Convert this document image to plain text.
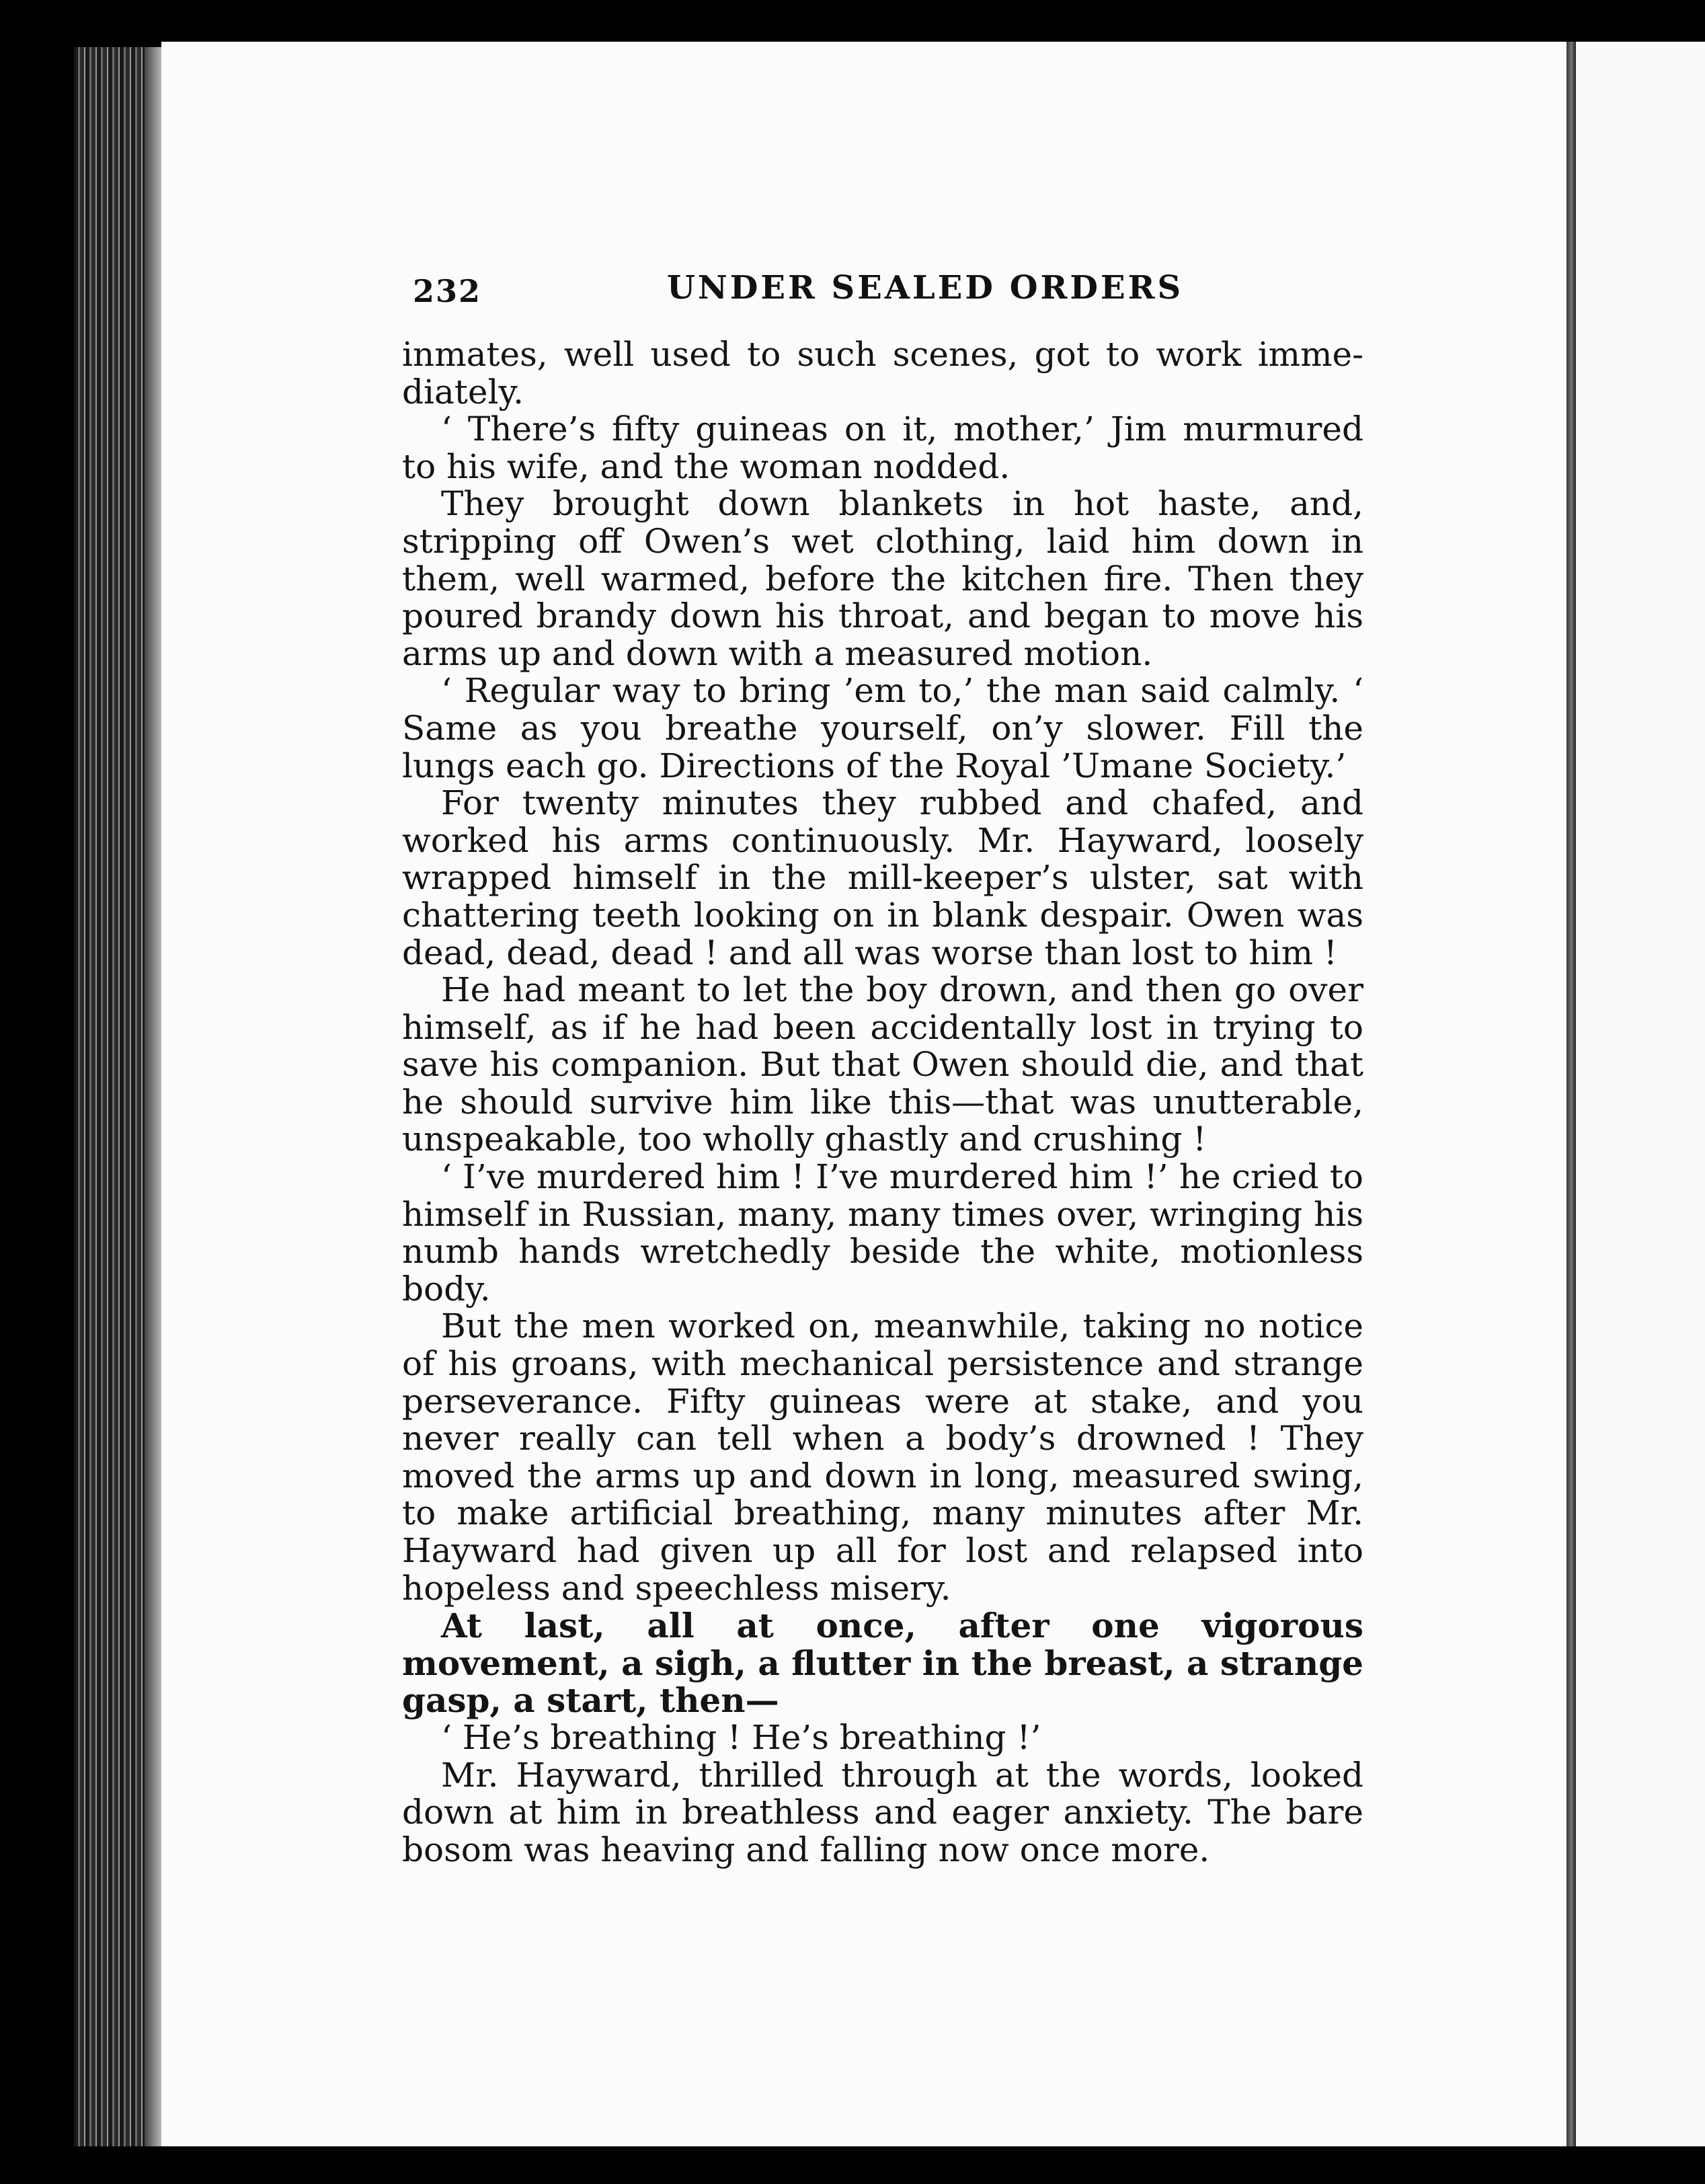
232	UNDER SEALED ORDERS

inmates, well used to such scenes, got to work imme-diately.

‘ There’s fifty guineas on it, mother,’ Jim murmured to his wife, and the woman nodded.

They brought down blankets in hot haste, and, stripping off Owen’s wet clothing, laid him down in them, well warmed, before the kitchen fire. Then they poured brandy down his throat, and began to move his arms up and down with a measured motion.

‘ Regular way to bring ’em to,’ the man said calmly. ‘ Same as you breathe yourself, on’y slower. Fill the lungs each go. Directions of the Royal ’Umane Society.’

For twenty minutes they rubbed and chafed, and worked his arms continuously. Mr. Hayward, loosely wrapped himself in the mill-keeper’s ulster, sat with chattering teeth looking on in blank despair. Owen was dead, dead, dead ! and all was worse than lost to him !

He had meant to let the boy drown, and then go over himself, as if he had been accidentally lost in trying to save his companion. But that Owen should die, and that he should survive him like this—that was unutterable, unspeakable, too wholly ghastly and crushing !

‘ I’ve murdered him ! I’ve murdered him !’ he cried to himself in Russian, many, many times over, wringing his numb hands wretchedly beside the white, motionless body.

But the men worked on, meanwhile, taking no notice of his groans, with mechanical persistence and strange perseverance. Fifty guineas were at stake, and you never really can tell when a body’s drowned ! They moved the arms up and down in long, measured swing, to make artificial breathing, many minutes after Mr. Hayward had given up all for lost and relapsed into hopeless and speechless misery.

At last, all at once, after one vigorous movement, a sigh, a flutter in the breast, a strange gasp, a start, then—

‘ He’s breathing ! He’s breathing !’

Mr. Hayward, thrilled through at the words, looked down at him in breathless and eager anxiety. The bare bosom was heaving and falling now once more.
